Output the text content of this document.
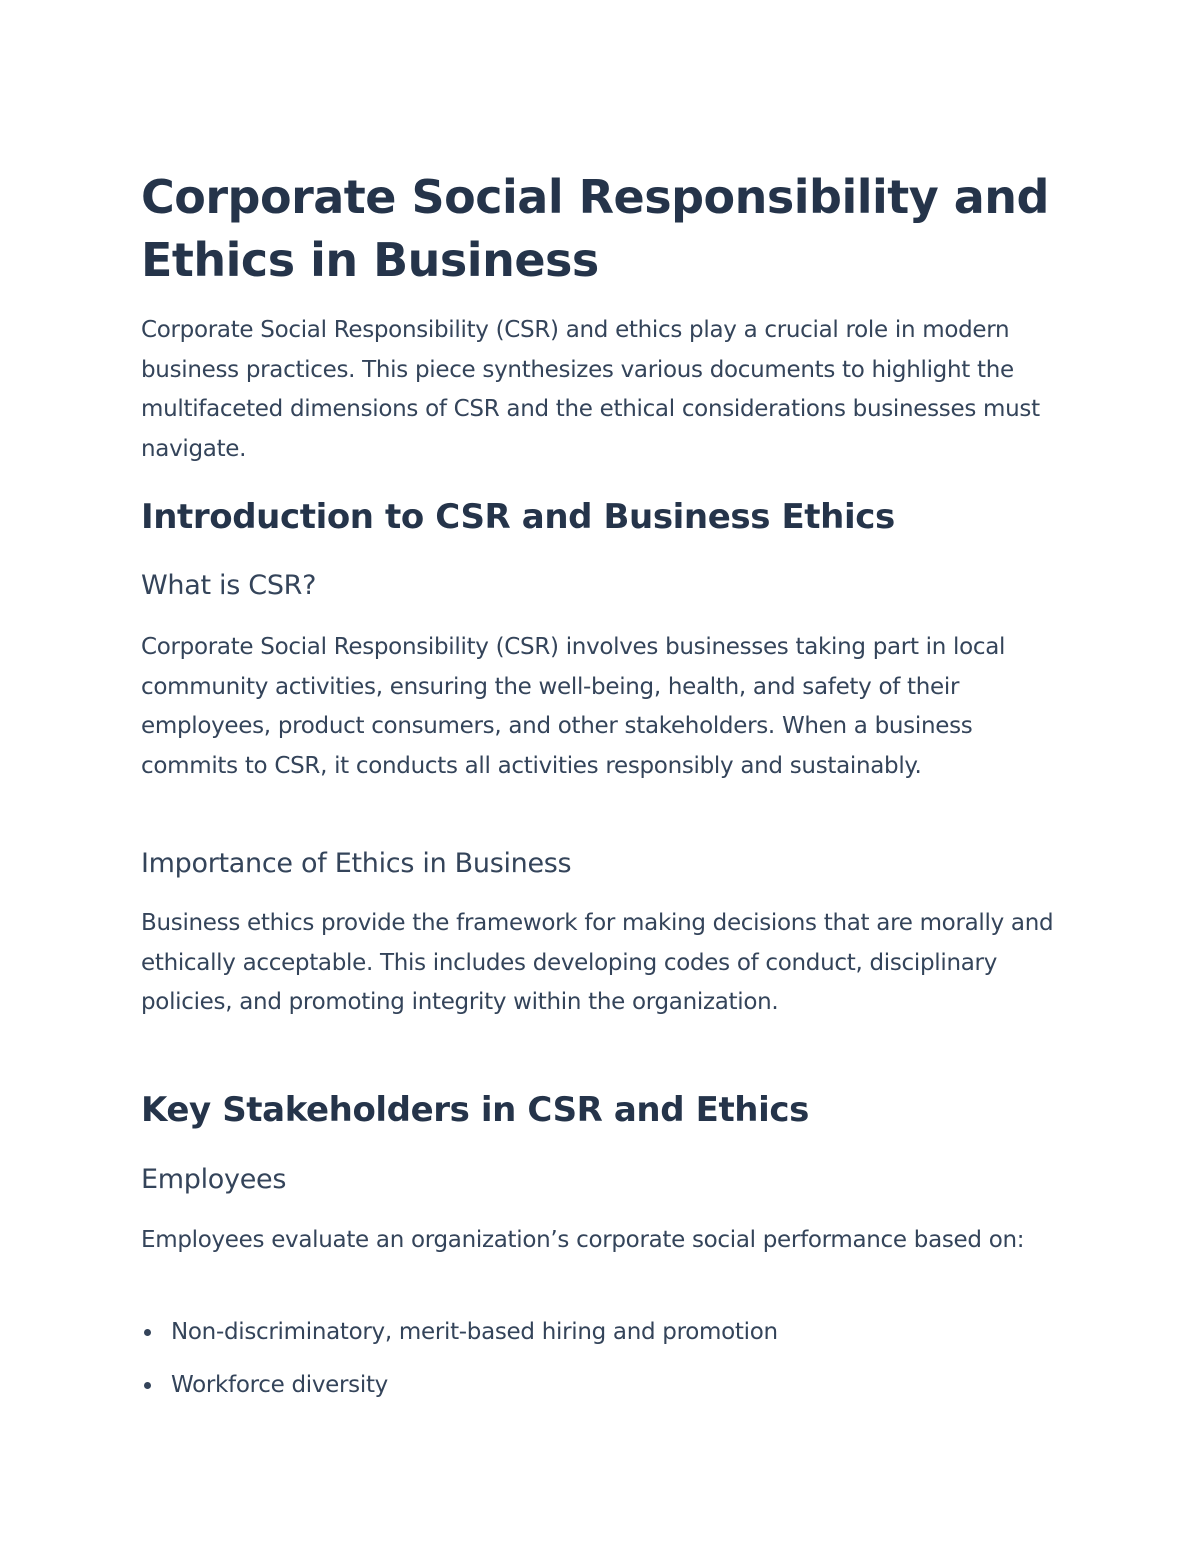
Corporate Social Responsibility and Ethics in Business

Corporate Social Responsibility (CSR) and ethics play a crucial role in modern business practices. This piece synthesizes various documents to highlight the multifaceted dimensions of CSR and the ethical considerations businesses must navigate.

Introduction to CSR and Business Ethics
What is CSR?

Corporate Social Responsibility (CSR) involves businesses taking part in local community activities, ensuring the well-being, health, and safety of their employees, product consumers, and other stakeholders. When a business commits to CSR, it conducts all activities responsibly and sustainably.

Importance of Ethics in Business

Business ethics provide the framework for making decisions that are morally and ethically acceptable. This includes developing codes of conduct, disciplinary policies, and promoting integrity within the organization.

Key Stakeholders in CSR and Ethics
Employees

Employees evaluate an organization’s corporate social performance based on:

Non-discriminatory, merit-based hiring and promotion
Workforce diversity
